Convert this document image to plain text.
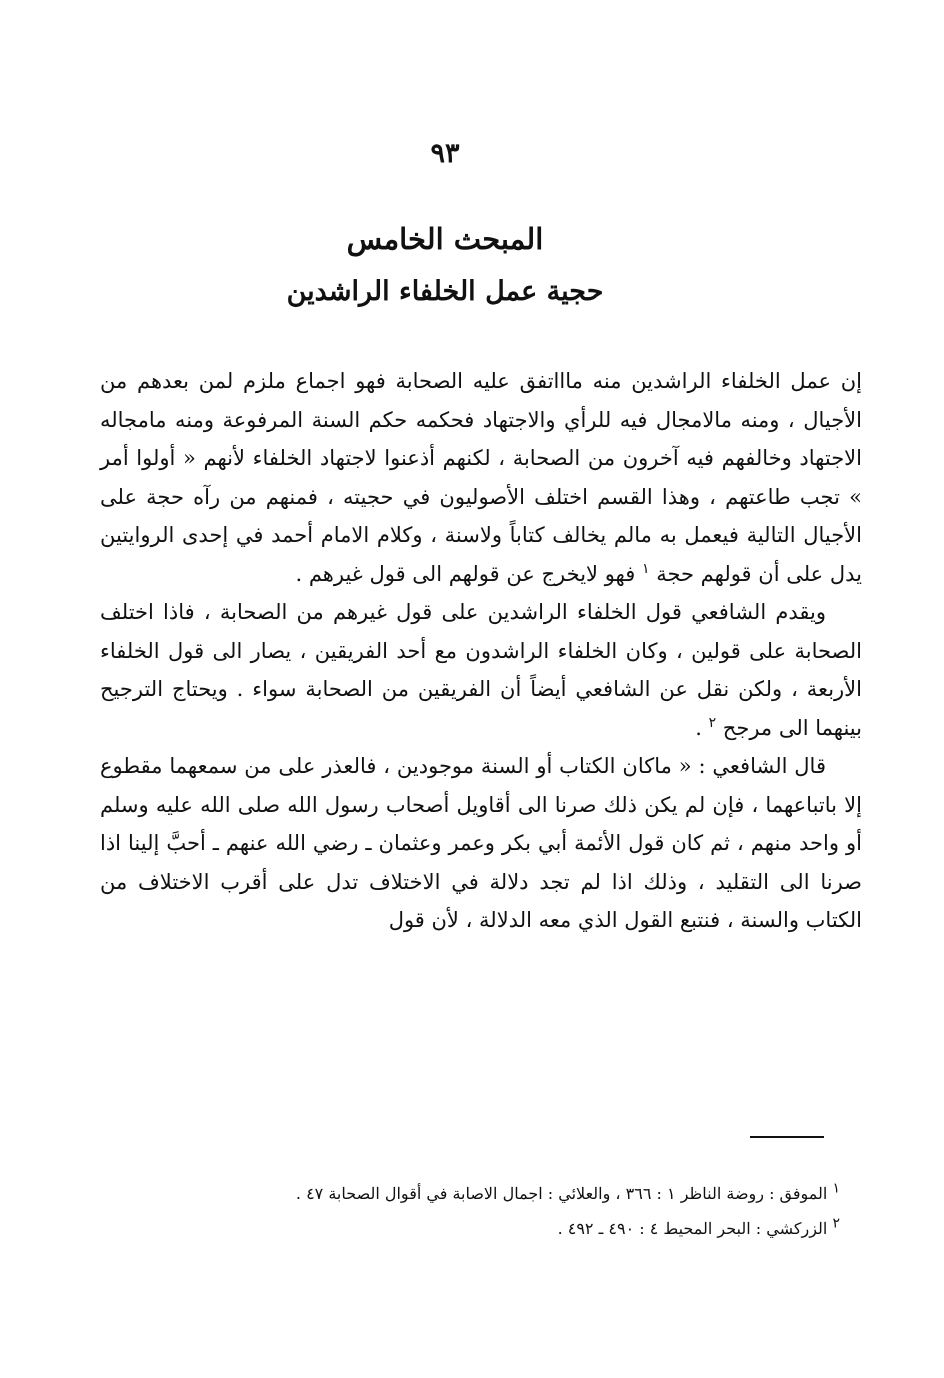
٩٣
المبحث الخامس
حجية عمل الخلفاء الراشدين

إن عمل الخلفاء الراشدين منه ماااتفق عليه الصحابة فهو اجماع ملزم لمن بعدهم من الأجيال ، ومنه مالامجال فيه للرأي والاجتهاد فحكمه حكم السنة المرفوعة ومنه مامجاله الاجتهاد وخالفهم فيه آخرون من الصحابة ، لكنهم أذعنوا لاجتهاد الخلفاء لأنهم « أولوا أمر » تجب طاعتهم ، وهذا القسم اختلف الأصوليون في حجيته ، فمنهم من رآه حجة على الأجيال التالية فيعمل به مالم يخالف كتاباً ولاسنة ، وكلام الامام أحمد في إحدى الروايتين يدل على أن قولهم حجة $^١$ فهو لايخرج عن قولهم الى قول غيرهم .

ويقدم الشافعي قول الخلفاء الراشدين على قول غيرهم من الصحابة ، فاذا اختلف الصحابة على قولين ، وكان الخلفاء الراشدون مع أحد الفريقين ، يصار الى قول الخلفاء الأربعة ، ولكن نقل عن الشافعي أيضاً أن الفريقين من الصحابة سواء . ويحتاج الترجيح بينهما الى مرجح $^٢$ .

قال الشافعي : « ماكان الكتاب أو السنة موجودين ، فالعذر على من سمعهما مقطوع إلا باتباعهما ، فإن لم يكن ذلك صرنا الى أقاويل أصحاب رسول الله صلى الله عليه وسلم أو واحد منهم ، ثم كان قول الأئمة أبي بكر وعمر وعثمان ـ رضي الله عنهم ـ أحبَّ إلينا اذا صرنا الى التقليد ، وذلك اذا لم تجد دلالة في الاختلاف تدل على أقرب الاختلاف من الكتاب والسنة ، فنتبع القول الذي معه الدلالة ، لأن قول

١ الموفق : روضة الناظر ١ : ٣٦٦ ، والعلائي : اجمال الاصابة في أقوال الصحابة ٤٧ .

٢ الزركشي : البحر المحيط ٤ : ٤٩٠ ـ ٤٩٢ .
